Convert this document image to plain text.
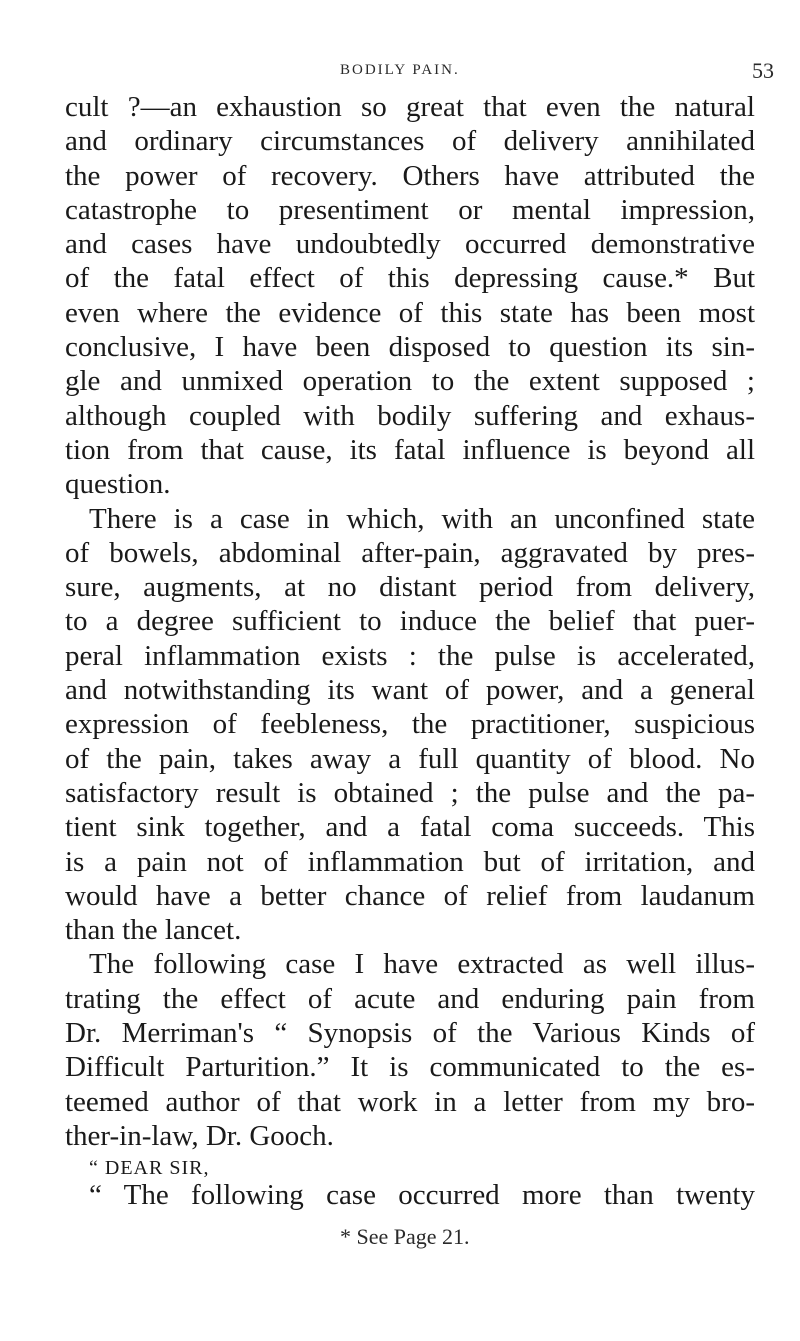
BODILY PAIN.	53
cult ?—an exhaustion so great that even the natural
and ordinary circumstances of delivery annihilated
the power of recovery. Others have attributed the
catastrophe to presentiment or mental impression,
and cases have undoubtedly occurred demonstrative
of the fatal effect of this depressing cause.* But
even where the evidence of this state has been most
conclusive, I have been disposed to question its sin-
gle and unmixed operation to the extent supposed ;
although coupled with bodily suffering and exhaus-
tion from that cause, its fatal influence is beyond all
question.
There is a case in which, with an unconfined state
of bowels, abdominal after-pain, aggravated by pres-
sure, augments, at no distant period from delivery,
to a degree sufficient to induce the belief that puer-
peral inflammation exists : the pulse is accelerated,
and notwithstanding its want of power, and a general
expression of feebleness, the practitioner, suspicious
of the pain, takes away a full quantity of blood. No
satisfactory result is obtained ; the pulse and the pa-
tient sink together, and a fatal coma succeeds. This
is a pain not of inflammation but of irritation, and
would have a better chance of relief from laudanum
than the lancet.
The following case I have extracted as well illus-
trating the effect of acute and enduring pain from
Dr. Merriman's “ Synopsis of the Various Kinds of
Difficult Parturition.” It is communicated to the es-
teemed author of that work in a letter from my bro-
ther-in-law, Dr. Gooch.
“ DEAR SIR,
“ The following case occurred more than twenty
* See Page 21.
